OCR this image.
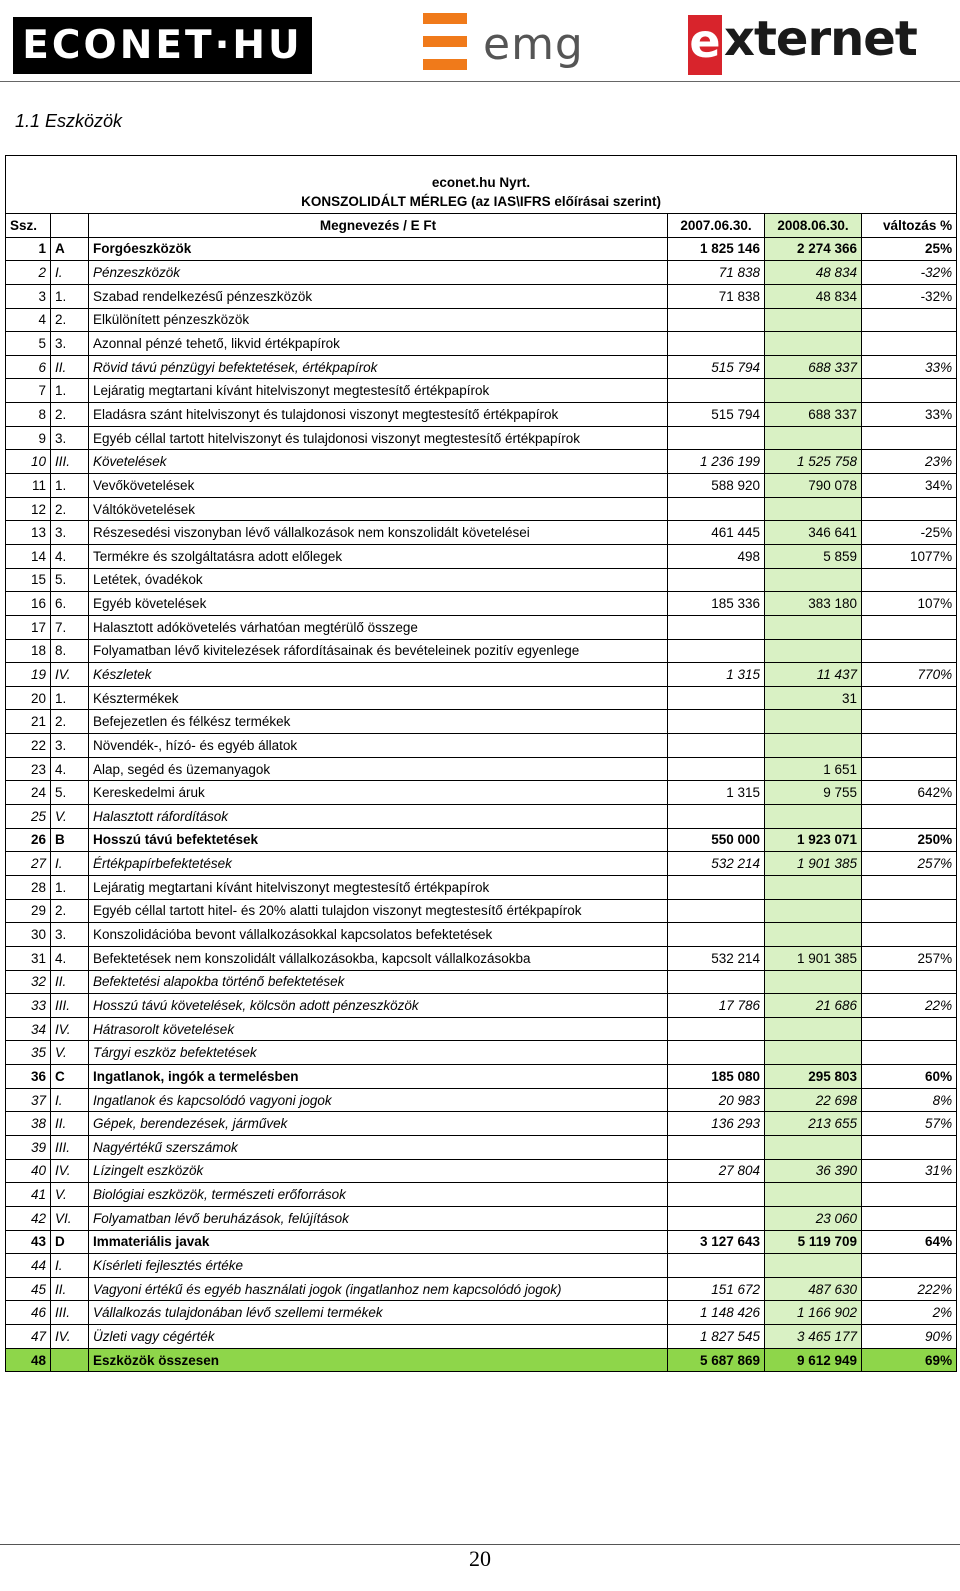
ECONET·HU	emg e xternet
1.1 Eszközök
econet.hu Nyrt.
KONSZOLIDÁLT MÉRLEG (az IAS\IFRS előírásai szerint)					

Ssz.		Megnevezés / E Ft	2007.06.30.	2008.06.30.	változás %
1	A	Forgóeszközök	1 825 146	2 274 366	25%
2	I.	Pénzeszközök	71 838	48 834	-32%
3	1.	Szabad rendelkezésű pénzeszközök	71 838	48 834	-32%
4	2.	Elkülönített pénzeszközök			
5	3.	Azonnal pénzé tehető, likvid értékpapírok			
6	II.	Rövid távú pénzügyi befektetések, értékpapírok	515 794	688 337	33%
7	1.	Lejáratig megtartani kívánt hitelviszonyt megtestesítő értékpapírok			
8	2.	Eladásra szánt hitelviszonyt és tulajdonosi viszonyt megtestesítő értékpapírok	515 794	688 337	33%
9	3.	Egyéb céllal tartott hitelviszonyt és tulajdonosi viszonyt megtestesítő értékpapírok			
10	III.	Követelések	1 236 199	1 525 758	23%
11	1.	Vevőkövetelések	588 920	790 078	34%
12	2.	Váltókövetelések			
13	3.	Részesedési viszonyban lévő vállalkozások nem konszolidált követelései	461 445	346 641	-25%
14	4.	Termékre és szolgáltatásra adott előlegek	498	5 859	1077%
15	5.	Letétek, óvadékok			
16	6.	Egyéb követelések	185 336	383 180	107%
17	7.	Halasztott adókövetelés várhatóan megtérülő összege			
18	8.	Folyamatban lévő kivitelezések ráfordításainak és bevételeinek pozitív egyenlege			
19	IV.	Készletek	1 315	11 437	770%
20	1.	Késztermékek		31	
21	2.	Befejezetlen és félkész termékek			
22	3.	Növendék-, hízó- és egyéb állatok			
23	4.	Alap, segéd és üzemanyagok		1 651	
24	5.	Kereskedelmi áruk	1 315	9 755	642%
25	V.	Halasztott ráfordítások			
26	B	Hosszú távú befektetések	550 000	1 923 071	250%
27	I.	Értékpapírbefektetések	532 214	1 901 385	257%
28	1.	Lejáratig megtartani kívánt hitelviszonyt megtestesítő értékpapírok			
29	2.	Egyéb céllal tartott hitel- és 20% alatti tulajdon viszonyt megtestesítő értékpapírok			
30	3.	Konszolidációba bevont vállalkozásokkal kapcsolatos befektetések			
31	4.	Befektetések nem konszolidált vállalkozásokba, kapcsolt vállalkozásokba	532 214	1 901 385	257%
32	II.	Befektetési alapokba történő befektetések			
33	III.	Hosszú távú követelések, kölcsön adott pénzeszközök	17 786	21 686	22%
34	IV.	Hátrasorolt követelések			
35	V.	Tárgyi eszköz befektetések			
36	C	Ingatlanok, ingók a termelésben	185 080	295 803	60%
37	I.	Ingatlanok és kapcsolódó vagyoni jogok	20 983	22 698	8%
38	II.	Gépek, berendezések, járművek	136 293	213 655	57%
39	III.	Nagyértékű szerszámok			
40	IV.	Lízingelt eszközök	27 804	36 390	31%
41	V.	Biológiai eszközök, természeti erőforrások			
42	VI.	Folyamatban lévő beruházások, felújítások		23 060	
43	D	Immateriális javak	3 127 643	5 119 709	64%
44	I.	Kísérleti fejlesztés értéke			
45	II.	Vagyoni értékű és egyéb használati jogok (ingatlanhoz nem kapcsolódó jogok)	151 672	487 630	222%
46	III.	Vállalkozás tulajdonában lévő szellemi termékek	1 148 426	1 166 902	2%
47	IV.	Üzleti vagy cégérték	1 827 545	3 465 177	90%
48		Eszközök összesen	5 687 869	9 612 949	69%
20
